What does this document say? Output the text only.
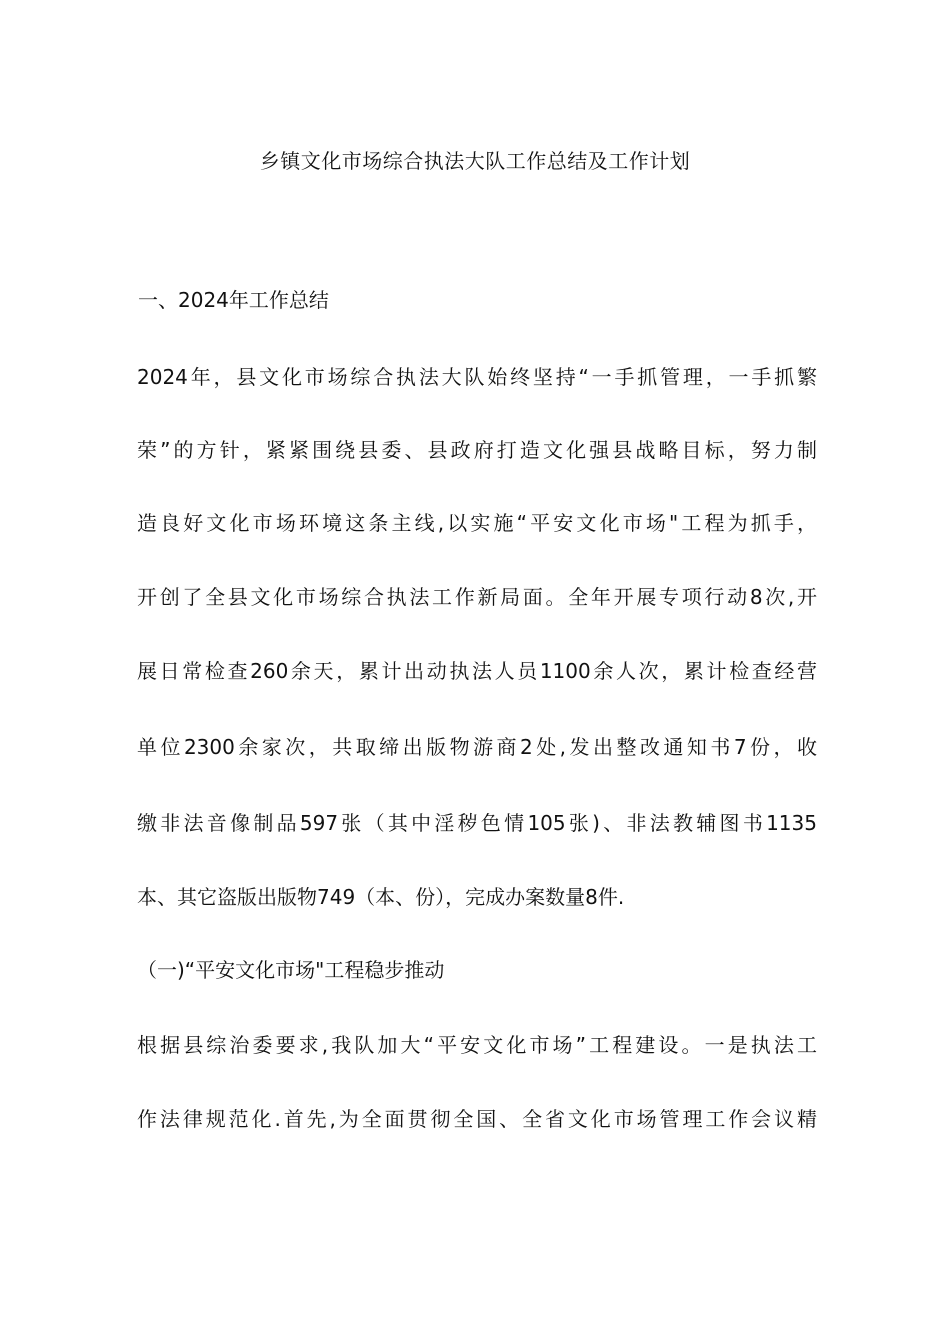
乡镇文化市场综合执法大队工作总结及工作计划
一、2024年工作总结
2024年，县文化市场综合执法大队始终坚持“一手抓管理，一手抓繁
荣”的方针，紧紧围绕县委、县政府打造文化强县战略目标，努力制
造良好文化市场环境这条主线,以实施“平安文化市场"工程为抓手，
开创了全县文化市场综合执法工作新局面。全年开展专项行动8次,开
展日常检查260余天，累计出动执法人员1100余人次，累计检查经营
单位2300余家次，共取缔出版物游商2处,发出整改通知书7份，收
缴非法音像制品597张（其中淫秽色情105张)、非法教辅图书1135
本、其它盗版出版物749（本、份），完成办案数量8件.
（一)“平安文化市场"工程稳步推动
根据县综治委要求,我队加大“平安文化市场”工程建设。一是执法工
作法律规范化.首先,为全面贯彻全国、全省文化市场管理工作会议精
